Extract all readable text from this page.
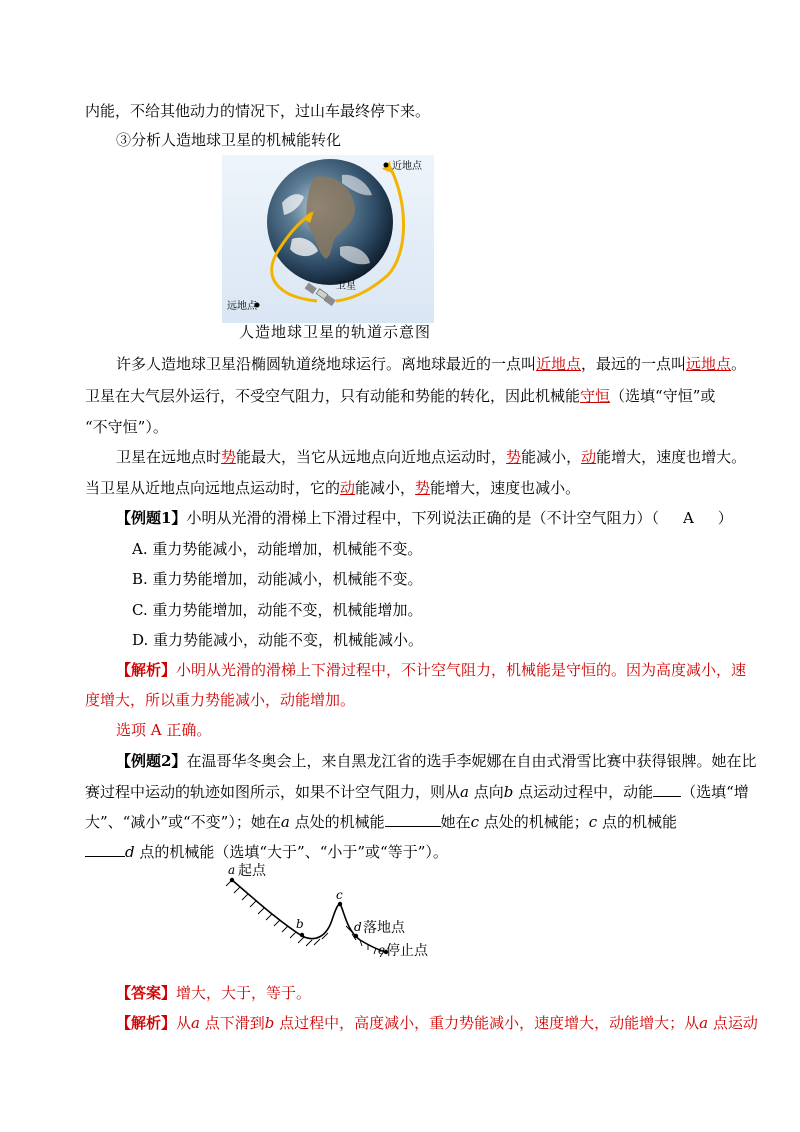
内能，不给其他动力的情况下，过山车最终停下来。
③分析人造地球卫星的机械能转化
近地点
远地点
卫星
人造地球卫星的轨道示意图
许多人造地球卫星沿椭圆轨道绕地球运行。离地球最近的一点叫近地点，最远的一点叫远地点。
卫星在大气层外运行，不受空气阻力，只有动能和势能的转化，因此机械能守恒（选填“守恒”或
“不守恒”）。
卫星在远地点时势能最大，当它从远地点向近地点运动时，势能减小，动能增大，速度也增大。
当卫星从近地点向远地点运动时，它的动能减小，势能增大，速度也减小。
【例题1】小明从光滑的滑梯上下滑过程中，下列说法正确的是（不计空气阻力）（ A ）
A. 重力势能减小，动能增加，机械能不变。
B. 重力势能增加，动能减小，机械能不变。
C. 重力势能增加，动能不变，机械能增加。
D. 重力势能减小，动能不变，机械能减小。
【解析】小明从光滑的滑梯上下滑过程中，不计空气阻力，机械能是守恒的。因为高度减小，速
度增大，所以重力势能减小，动能增加。
选项 A 正确。
【例题2】在温哥华冬奥会上，来自黑龙江省的选手李妮娜在自由式滑雪比赛中获得银牌。她在比
赛过程中运动的轨迹如图所示，如果不计空气阻力，则从a 点向b 点运动过程中，动能 （选填“增
大”、“减小”或“不变”）；她在a 点处的机械能	她在c 点处的机械能；c 点的机械能
d 点的机械能（选填“大于”、“小于”或“等于”）。
a 起点
b
c
d 落地点
e 停止点
【答案】增大，大于，等于。
【解析】从a 点下滑到b 点过程中，高度减小，重力势能减小，速度增大，动能增大；从a 点运动
